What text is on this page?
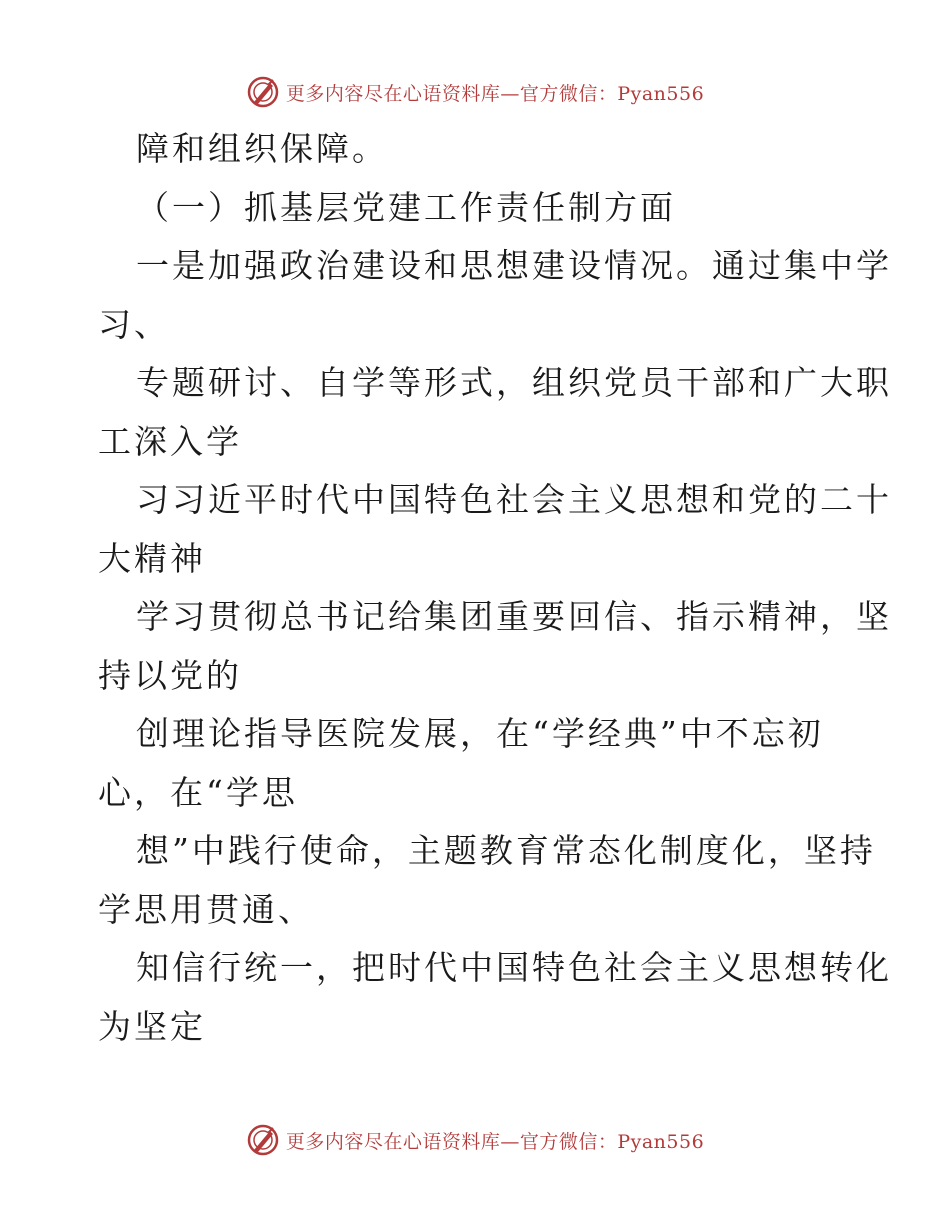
更多内容尽在心语资料库—官方微信：Pyan556
障和组织保障。
（一）抓基层党建工作责任制方面
一是加强政治建设和思想建设情况。通过集中学
习、
专题研讨、自学等形式，组织党员干部和广大职
工深入学
习习近平时代中国特色社会主义思想和党的二十
大精神
学习贯彻总书记给集团重要回信、指示精神，坚
持以党的
创理论指导医院发展，在“学经典”中不忘初
心，在“学思
想”中践行使命，主题教育常态化制度化，坚持
学思用贯通、
知信行统一，把时代中国特色社会主义思想转化
为坚定
更多内容尽在心语资料库—官方微信：Pyan556
